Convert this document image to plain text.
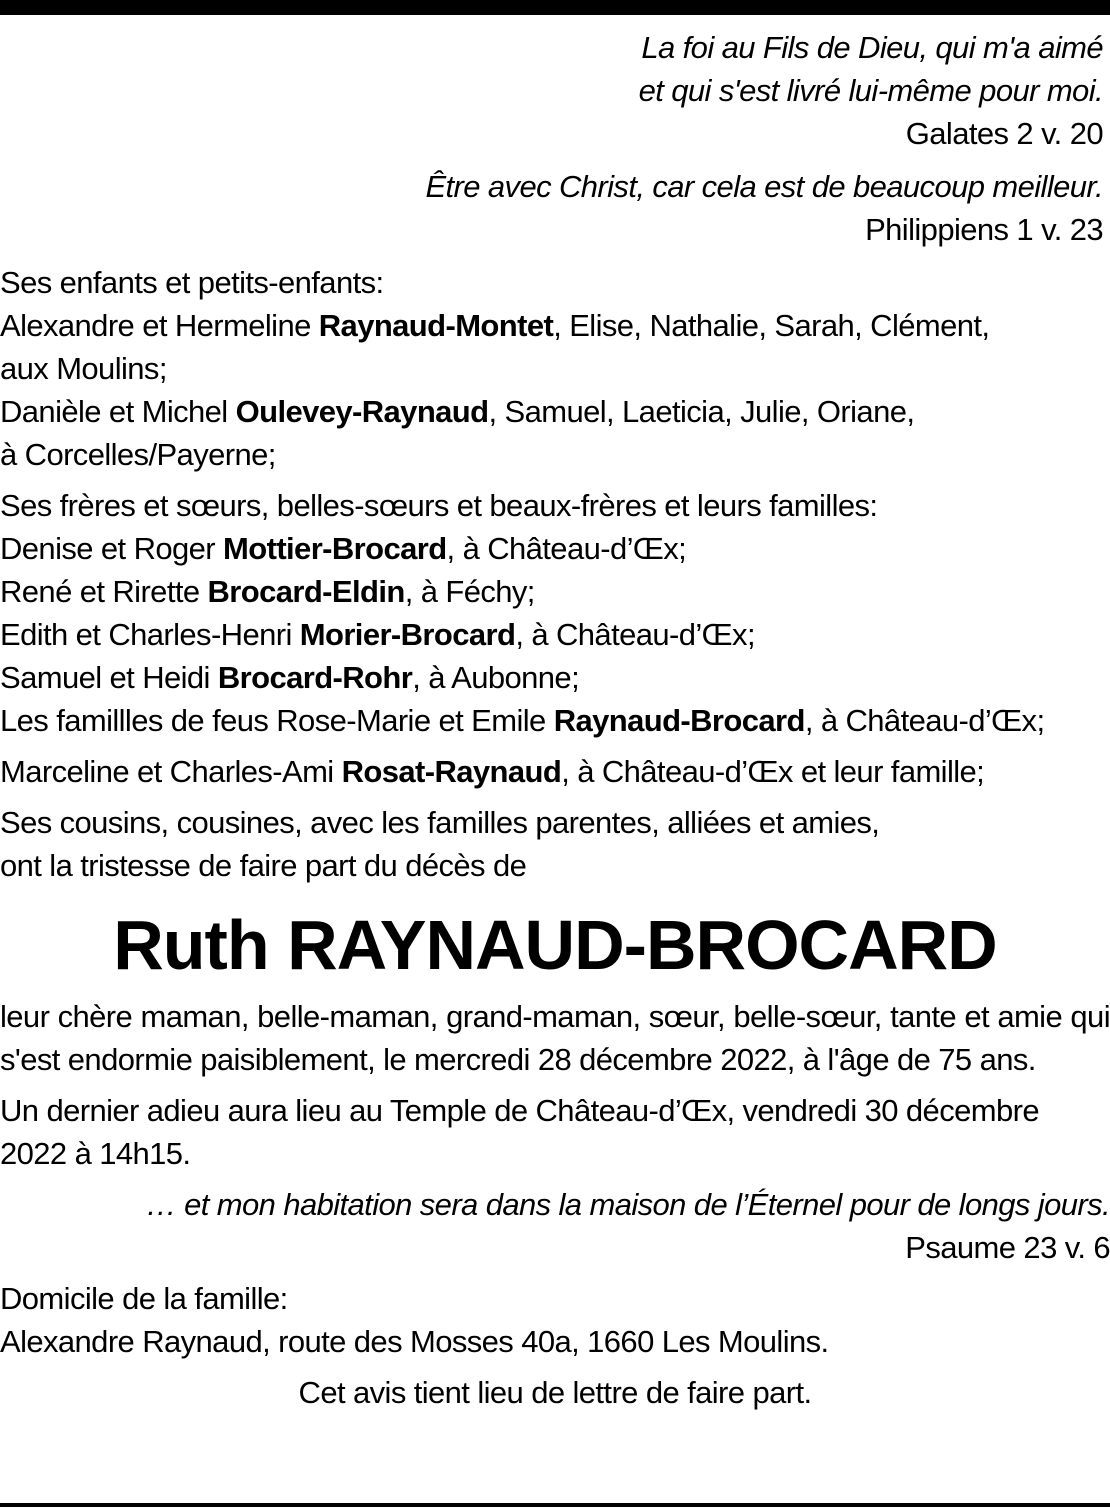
La foi au Fils de Dieu, qui m'a aimé
et qui s'est livré lui-même pour moi.
Galates 2 v. 20
Être avec Christ, car cela est de beaucoup meilleur.
Philippiens 1 v. 23
Ses enfants et petits-enfants:
Alexandre et Hermeline Raynaud-Montet, Elise, Nathalie, Sarah, Clément,
aux Moulins;
Danièle et Michel Oulevey-Raynaud, Samuel, Laeticia, Julie, Oriane,
à Corcelles/Payerne;
Ses frères et sœurs, belles-sœurs et beaux-frères et leurs familles:
Denise et Roger Mottier-Brocard, à Château-d’Œx;
René et Rirette Brocard-Eldin, à Féchy;
Edith et Charles-Henri Morier-Brocard, à Château-d’Œx;
Samuel et Heidi Brocard-Rohr, à Aubonne;
Les famillles de feus Rose-Marie et Emile Raynaud-Brocard, à Château-d’Œx;
Marceline et Charles-Ami Rosat-Raynaud, à Château-d’Œx et leur famille;
Ses cousins, cousines, avec les familles parentes, alliées et amies,
ont la tristesse de faire part du décès de
Ruth RAYNAUD-BROCARD
leur chère maman, belle-maman, grand-maman, sœur, belle-sœur, tante et amie qui s'est endormie paisiblement, le mercredi 28 décembre 2022, à l'âge de 75 ans.
Un dernier adieu aura lieu au Temple de Château-d’Œx, vendredi 30 décembre 2022 à 14h15.
… et mon habitation sera dans la maison de l’Éternel pour de longs jours.
Psaume 23 v. 6
Domicile de la famille:
Alexandre Raynaud, route des Mosses 40a, 1660 Les Moulins.
Cet avis tient lieu de lettre de faire part.
